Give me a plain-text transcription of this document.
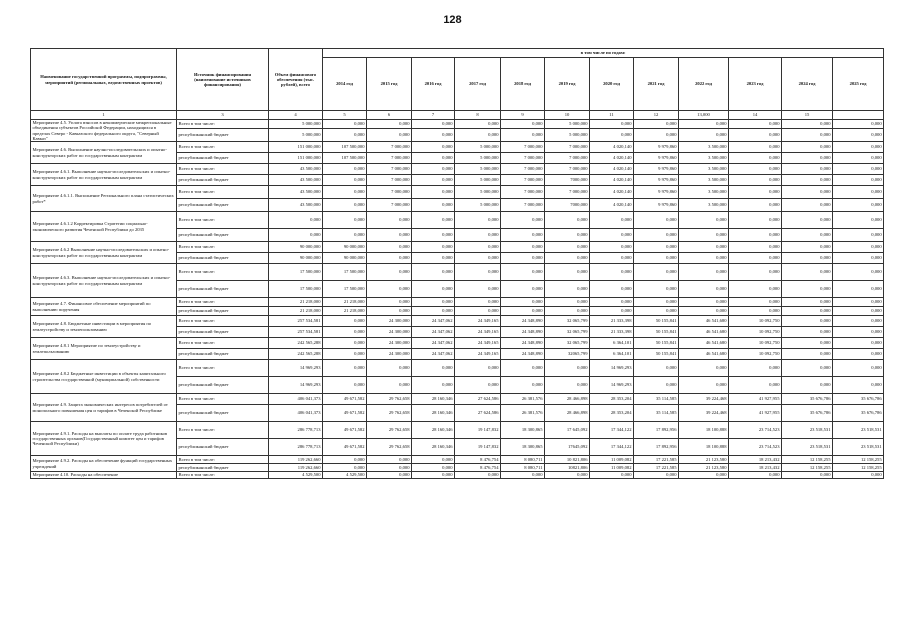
128
Наименование государственной программы, подпрограммы, мероприятий (региональных, ведомственных проектов)	Источник финансирования (наименование источников финансирования)	Объем финансового обеспечения (тыс. рублей), всего	в том числе по годам:											
			2014 год	2015 год	2016 год	2017 год	2018 год	2019 год	2020 год	2021 год	2022 год	2023 год	2024 год	2025 год
1	3	4	5	6	7	8	9	10	11	12	13,000	14	15	
Мероприятие 4.5. Уплата взносов в некоммерческие межрегиональные объединения субъектов Российской Федерации, находящихся в пределах Северо - Кавказского федерального округа, "Северный Кавказ"	Всего в том числе:	5 000,000	0,000	0,000	0,000	0,000	0,000	5 000,000	0,000	0,000	0,000	0,000	0,000	0,000
	республиканский бюджет	5 000,000	0,000	0,000	0,000	0,000	0,000	5 000,000	0,000	0,000	0,000	0,000	0,000	0,000
Мероприятие 4.6. Выполнение научно-исследовательских и опытно-конструкторских работ по государственным контрактам	Всего в том числе:	151 000,000	107 500,000	7 000,000	0,000	5 000,000	7 000,000	7 000,000	4 020,140	9 979,860	3 500,000	0,000	0,000	0,000
	республиканский бюджет	151 000,000	107 500,000	7 000,000	0,000	5 000,000	7 000,000	7 000,000	4 020,140	9 979,860	3 500,000	0,000	0,000	0,000
Мероприятие 4.6.1. Выполнение научно-исследовательских и опытно-конструкторских работ по государственным контрактам	Всего в том числе:	43 500,000	0,000	7 000,000	0,000	5 000,000	7 000,000	7 000,000	4 020,140	9 979,860	3 500,000	0,000	0,000	0,000
	республиканский бюджет	43 500,000	0,000	7 000,000	0,000	5 000,000	7 000,000	7000,000	4 020,140	9 979,860	3 500,000	0,000	0,000	0,000
Мероприятие 4.6.1.1. Выполнение Регионального плана статистических работ*	Всего в том числе:	43 500,000	0,000	7 000,000	0,000	5 000,000	7 000,000	7 000,000	4 020,140	9 979,860	3 500,000	0,000	0,000	0,000
	республиканский бюджет	43 500,000	0,000	7 000,000	0,000	5 000,000	7 000,000	7000,000	4 020,140	9 979,860	3 500,000	0,000	0,000	0,000
Мероприятие 4.6.1.2 Корректировка Стратегии социально-экономического развития Чеченской Республики до 2035	Всего в том числе:	0,000	0,000	0,000	0,000	0,000	0,000	0,000	0,000	0,000	0,000	0,000	0,000	0,000
	республиканский бюджет	0,000	0,000	0,000	0,000	0,000	0,000	0,000	0,000	0,000	0,000	0,000	0,000	0,000
Мероприятие 4.6.2 Выполнение научно-исследовательских и опытно-конструкторских работ по государственным контрактам	Всего в том числе:	90 000,000	90 000,000	0,000	0,000	0,000	0,000	0,000	0,000	0,000	0,000	0,000	0,000	0,000
	республиканский бюджет	90 000,000	90 000,000	0,000	0,000	0,000	0,000	0,000	0,000	0,000	0,000	0,000	0,000	0,000
Мероприятие 4.6.3. Выполнение научно-исследовательских и опытно-конструкторских работ по государственным контрактам	Всего в том числе:	17 500,000	17 500,000	0,000	0,000	0,000	0,000	0,000	0,000	0,000	0,000	0,000	0,000	0,000
	республиканский бюджет	17 500,000	17 500,000	0,000	0,000	0,000	0,000	0,000	0,000	0,000	0,000	0,000	0,000	0,000
Мероприятие 4.7. Финансовое обеспечение мероприятий по выполнению поручения	Всего в том числе:	21 218,000	21 218,000	0,000	0,000	0,000	0,000	0,000	0,000	0,000	0,000	0,000	0,000	0,000
	республиканский бюджет	21 218,000	21 218,000	0,000	0,000	0,000	0,000	0,000	0,000	0,000	0,000	0,000	0,000	0,000
Мероприятие 4.8. Бюджетные инвестиции в мероприятия по землеустройству и землепользованию	Всего в том числе:	257 534,581	0,000	24 300,000	24 347,062	24 349,165	24 348,890	32 065,799	21 333,398	50 155,841	46 541,680	10 092,750	0,000	0,000
	республиканский бюджет	257 534,581	0,000	24 300,000	24 347,062	24 349,165	24 348,890	32 065,799	21 333,398	50 155,841	46 541,680	10 092,750	0,000	0,000
Мероприятие 4.8.1 Мероприятие по землеустройству и землепользованию	Всего в том числе:	242 565,288	0,000	24 300,000	24 347,062	24 349,165	24 348,890	32 065,799	6 364,101	50 155,841	46 541,680	10 092,750	0,000	0,000
	республиканский бюджет	242 565,288	0,000	24 300,000	24 347,062	24 349,165	24 348,890	32065,799	6 364,101	50 155,841	46 541,680	10 092,750	0,000	0,000
Мероприятие 4.8.2 Бюджетные инвестиции в объекты капитального строительства государственной (муниципальной) собственности	Всего в том числе:	14 969,293	0,000	0,000	0,000	0,000	0,000	0,000	14 969,293	0,000	0,000	0,000	0,000	0,000
	республиканский бюджет	14 969,293	0,000	0,000	0,000	0,000	0,000	0,000	14 969,293	0,000	0,000	0,000	0,000	0,000
Мероприятие 4.9. Защита экономических интересов потребителей от монопольного повышения цен и тарифов в Чеченской Республике	Всего в том числе:	406 041,373	49 671,582	29 762,658	28 160,346	27 624,586	26 381,576	28 466,898	28 353,204	35 114,585	39 224,468	41 927,955	35 676,786	35 676,786
	республиканский бюджет	406 041,373	49 671,582	29 762,658	28 160,346	27 624,586	26 381,576	28 466,898	28 353,204	35 114,585	39 224,468	41 927,955	35 676,786	35 676,786
Мероприятие 4.9.1. Расходы на выплаты по оплате труда работников государственных органов(Государственный комитет цен и тарифов Чеченской Республики)	Всего в том числе:	286 778,713	49 671,582	29 762,658	28 160,346	19 147,832	18 300,865	17 645,092	17 344,122	17 892,956	18 100,888	23 714,523	23 518,531	23 518,531
	республиканский бюджет	286 778,713	49 671,582	29 762,658	28 160,346	19 147,832	18 300,865	17645,092	17 344,122	17 892,956	18 100,888	23 714,523	23 518,531	23 518,531
Мероприятие 4.9.2. Расходы на обеспечение функций государственных учреждений	Всего в том числе:	119 262,660	0,000	0,000	0,000	8 476,754	8 080,711	10 821,806	11 009,082	17 221,585	21 123,580	18 213,432	12 158,255	12 158,255
	республиканский бюджет	119 262,660	0,000	0,000	0,000	8 476,754	8 080,711	10821,806	11 009,082	17 221,585	21 123,580	18 213,432	12 158,255	12 158,255
Мероприятие 4.10. Расходы на обеспечение	Всего в том числе:	4 529,500	4 529,500	0,000	0,000	0,000	0,000	0,000	0,000	0,000	0,000	0,000	0,000	0,000
